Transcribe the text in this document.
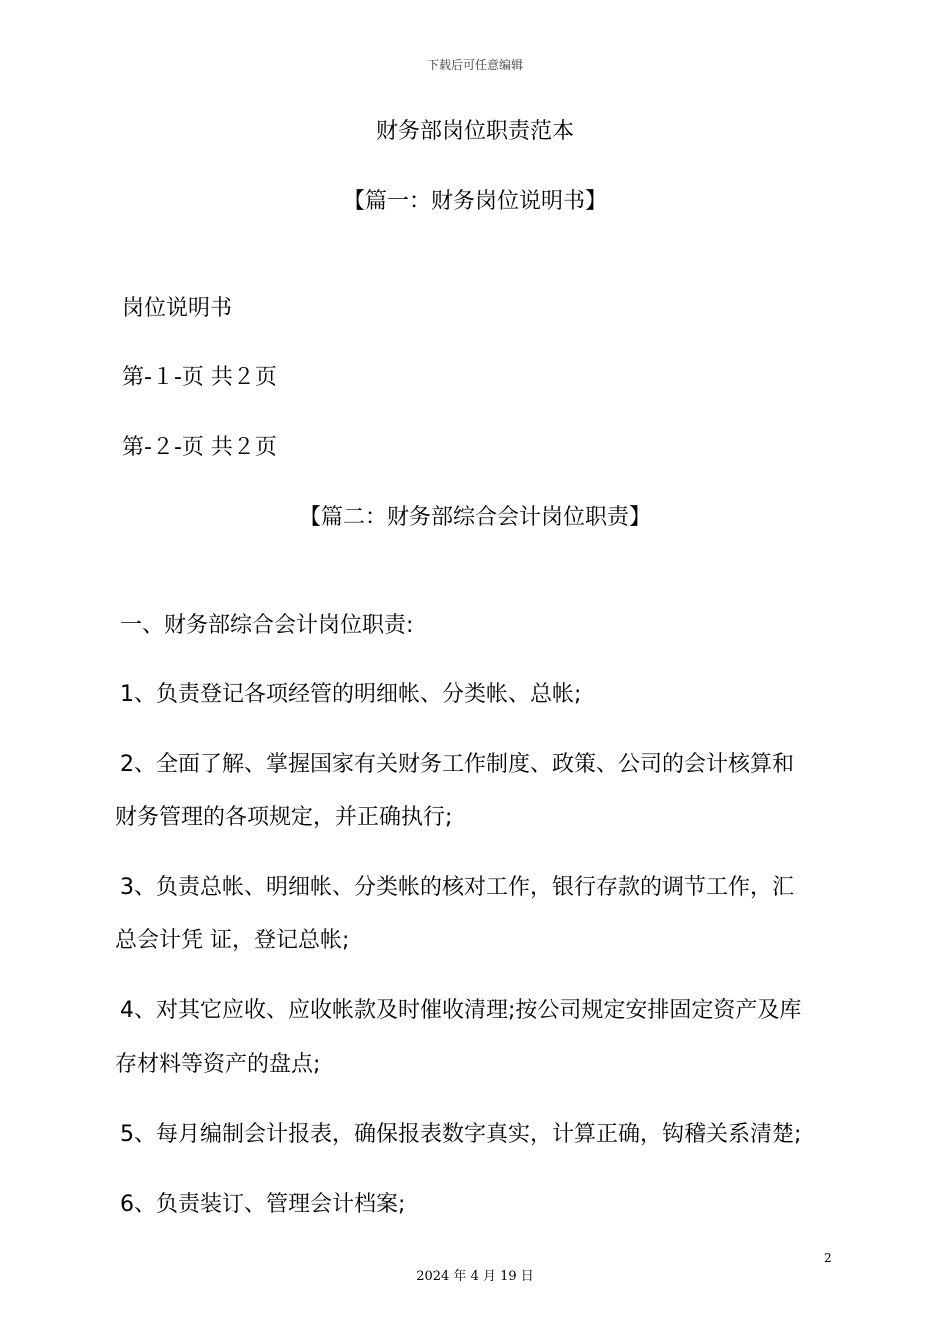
下载后可任意编辑
财务部岗位职责范本
【篇一：财务岗位说明书】
岗位说明书
第-１-页 共２页
第-２-页 共２页
【篇二：财务部综合会计岗位职责】
一、财务部综合会计岗位职责:
1、负责登记各项经管的明细帐、分类帐、总帐;
2、全面了解、掌握国家有关财务工作制度、政策、公司的会计核算和
财务管理的各项规定，并正确执行;
3、负责总帐、明细帐、分类帐的核对工作，银行存款的调节工作，汇
总会计凭 证，登记总帐;
4、对其它应收、应收帐款及时催收清理;按公司规定安排固定资产及库
存材料等资产的盘点;
5、每月编制会计报表，确保报表数字真实，计算正确，钩稽关系清楚;
6、负责装订、管理会计档案;
2
2024 年 4 月 19 日
